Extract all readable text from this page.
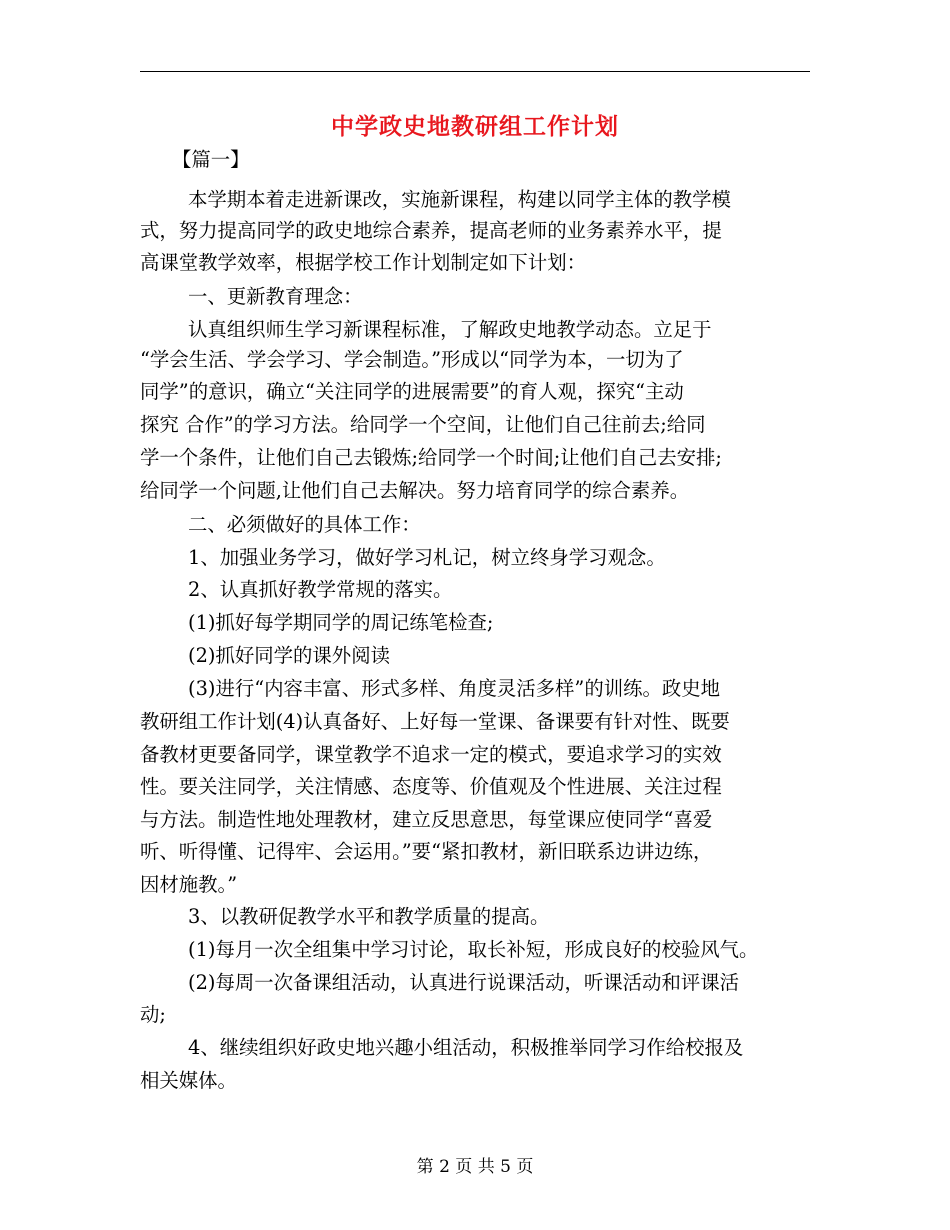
中学政史地教研组工作计划
【篇一】
本学期本着走进新课改，实施新课程，构建以同学主体的教学模
式，努力提高同学的政史地综合素养，提高老师的业务素养水平，提
高课堂教学效率，根据学校工作计划制定如下计划：
一、更新教育理念：
认真组织师生学习新课程标准，了解政史地教学动态。立足于
“学会生活、学会学习、学会制造。”形成以“同学为本，一切为了
同学”的意识，确立“关注同学的进展需要”的育人观，探究“主动
探究 合作”的学习方法。给同学一个空间，让他们自己往前去;给同
学一个条件，让他们自己去锻炼;给同学一个时间;让他们自己去安排;
给同学一个问题,让他们自己去解决。努力培育同学的综合素养。
二、必须做好的具体工作：
1、加强业务学习，做好学习札记，树立终身学习观念。
2、认真抓好教学常规的落实。
(1)抓好每学期同学的周记练笔检查;
(2)抓好同学的课外阅读
(3)进行“内容丰富、形式多样、角度灵活多样”的训练。政史地
教研组工作计划(4)认真备好、上好每一堂课、备课要有针对性、既要
备教材更要备同学，课堂教学不追求一定的模式，要追求学习的实效
性。要关注同学，关注情感、态度等、价值观及个性进展、关注过程
与方法。制造性地处理教材，建立反思意思，每堂课应使同学“喜爱
听、听得懂、记得牢、会运用。”要“紧扣教材，新旧联系边讲边练，
因材施教。”
3、以教研促教学水平和教学质量的提高。
(1)每月一次全组集中学习讨论，取长补短，形成良好的校验风气。
(2)每周一次备课组活动，认真进行说课活动，听课活动和评课活
动;
4、继续组织好政史地兴趣小组活动，积极推举同学习作给校报及
相关媒体。
第 2 页 共 5 页
